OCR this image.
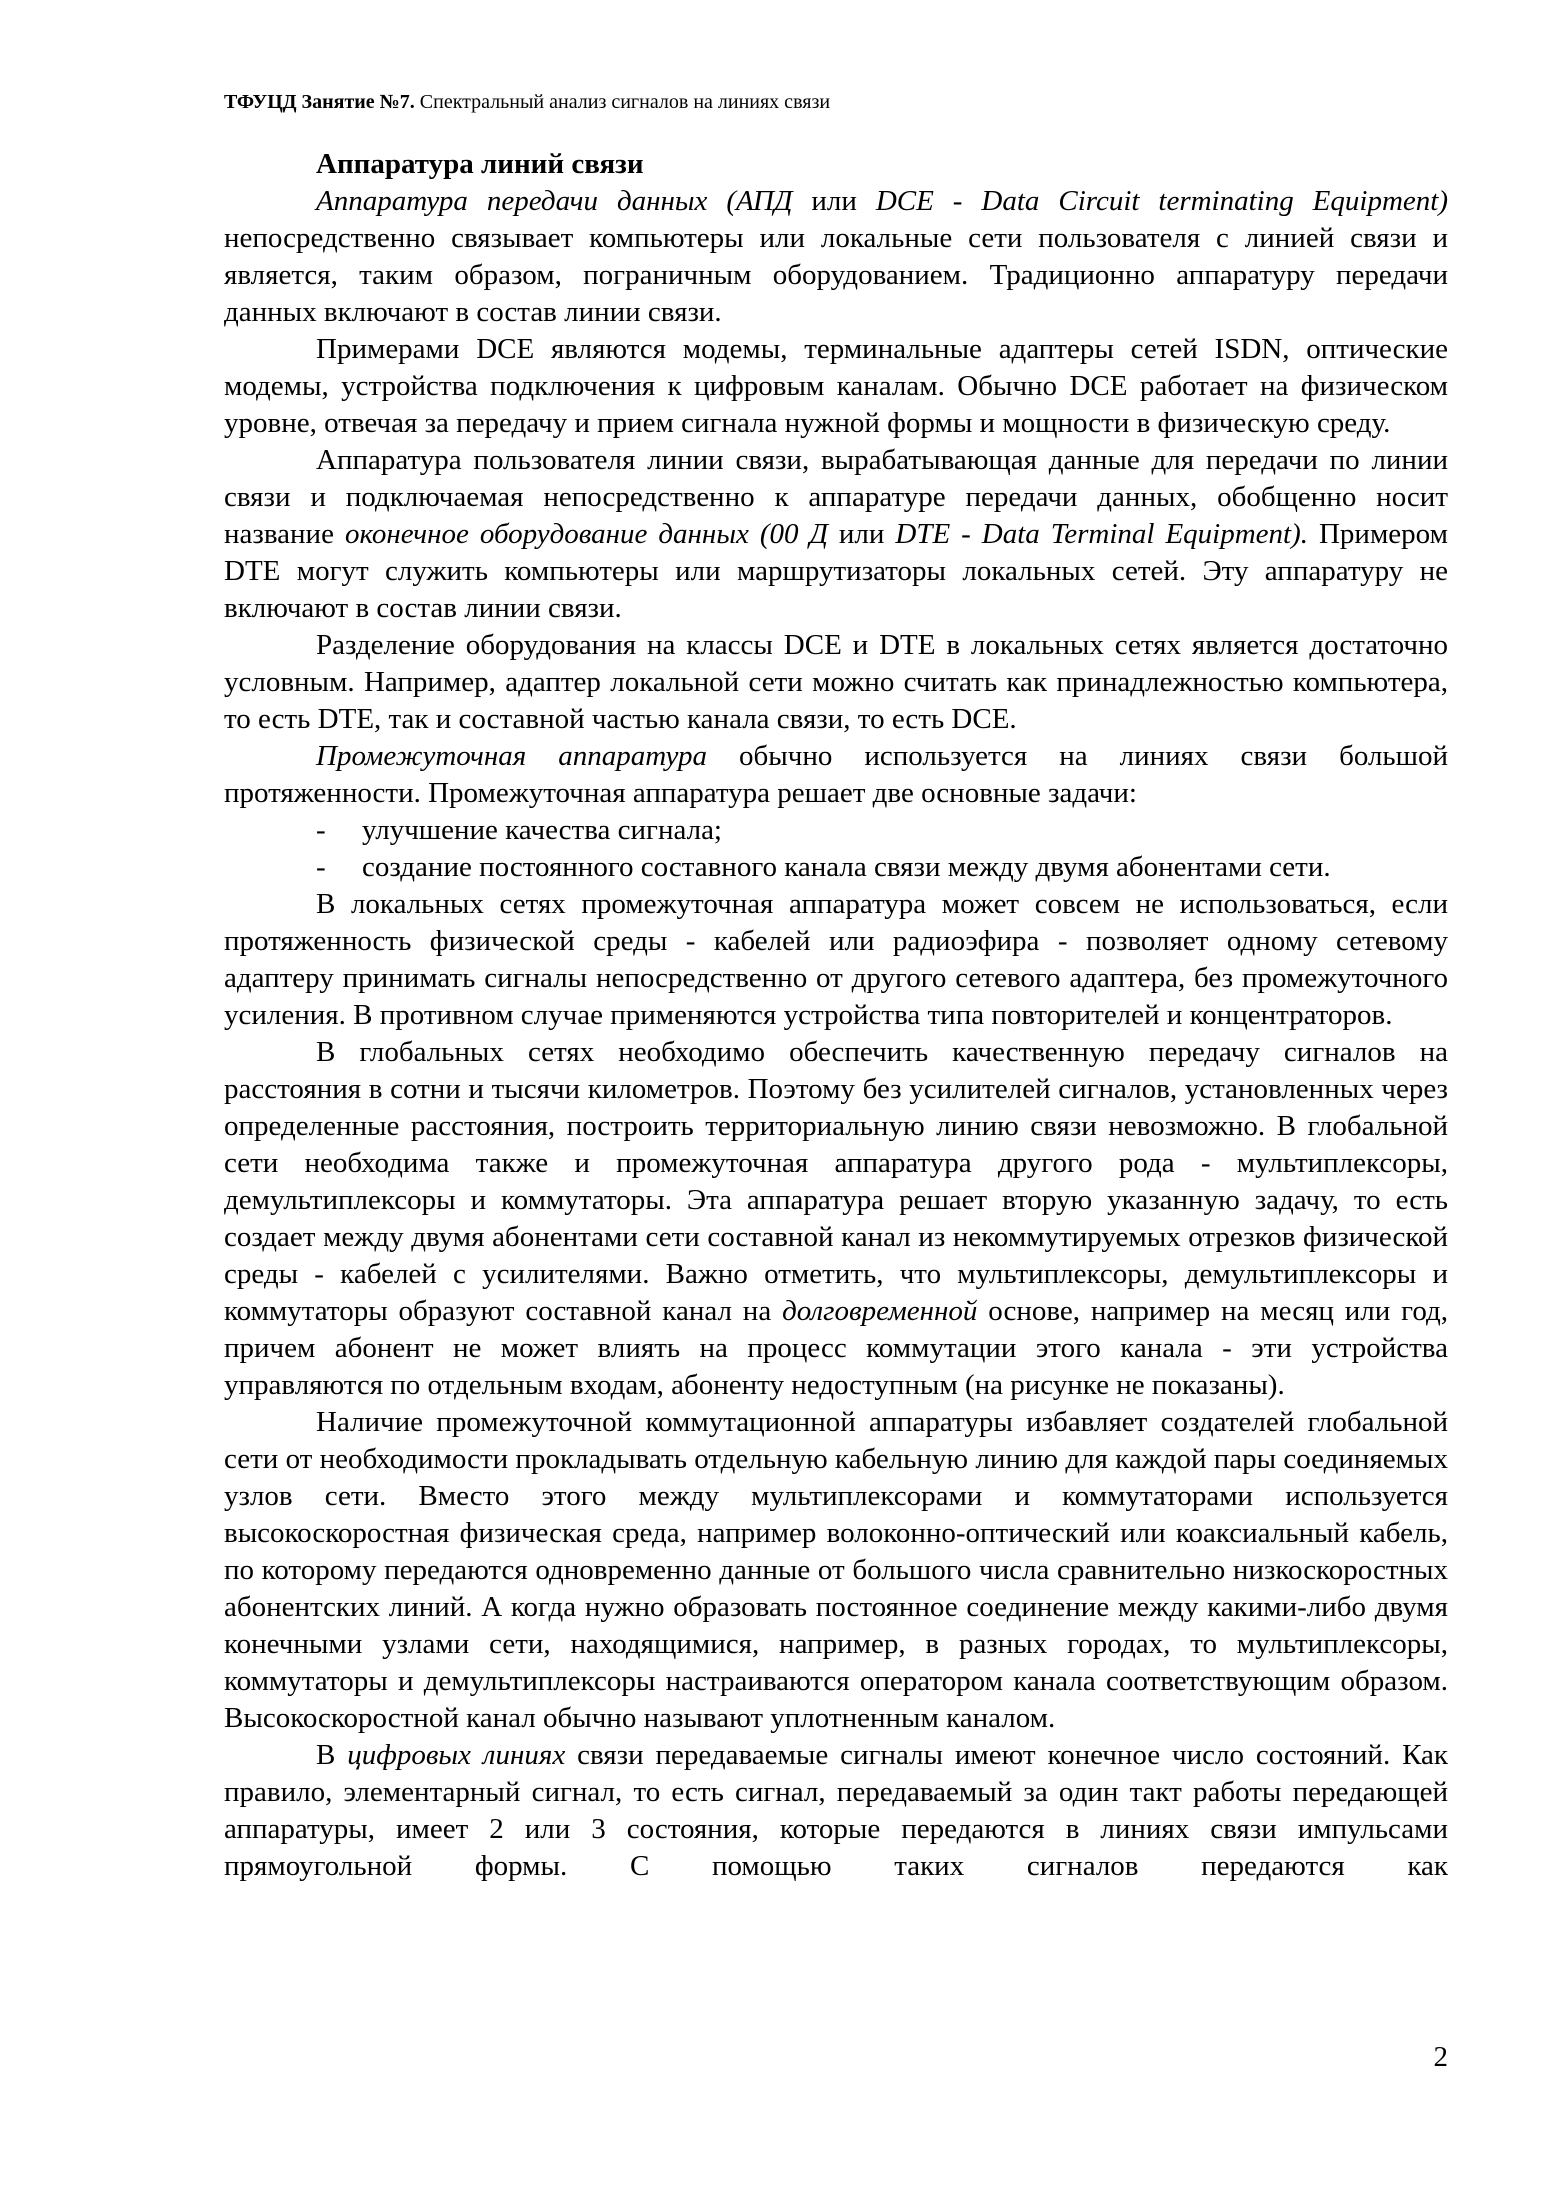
ТФУЦД Занятие №7. Спектральный анализ сигналов на линиях связи
Аппаратура линий связи

Аппаратура передачи данных (АПД или DCE - Data Circuit terminating Equipment) непосредственно связывает компьютеры или локальные сети пользователя с линией связи и является, таким образом, пограничным оборудованием. Традиционно аппаратуру передачи данных включают в состав линии связи.

Примерами DCE являются модемы, терминальные адаптеры сетей ISDN, оптические модемы, устройства подключения к цифровым каналам. Обычно DCE работает на физическом уровне, отвечая за передачу и прием сигнала нужной формы и мощности в физическую среду.

Аппаратура пользователя линии связи, вырабатывающая данные для передачи по линии связи и подключаемая непосредственно к аппаратуре передачи данных, обобщенно носит название оконечное оборудование данных (00 Д или DTE - Data Terminal Equipment). Примером DTE могут служить компьютеры или маршрутизаторы локальных сетей. Эту аппаратуру не включают в состав линии связи.

Разделение оборудования на классы DCE и DTE в локальных сетях является достаточно условным. Например, адаптер локальной сети можно считать как принадлежностью компьютера, то есть DTE, так и составной частью канала связи, то есть DCE.

Промежуточная аппаратура обычно используется на линиях связи большой протяженности. Промежуточная аппаратура решает две основные задачи:

- улучшение качества сигнала;
- создание постоянного составного канала связи между двумя абонентами сети.

В локальных сетях промежуточная аппаратура может совсем не использоваться, если протяженность физической среды - кабелей или радиоэфира - позволяет одному сетевому адаптеру принимать сигналы непосредственно от другого сетевого адаптера, без промежуточного усиления. В противном случае применяются устройства типа повторителей и концентраторов.

В глобальных сетях необходимо обеспечить качественную передачу сигналов на расстояния в сотни и тысячи километров. Поэтому без усилителей сигналов, установленных через определенные расстояния, построить территориальную линию связи невозможно. В глобальной сети необходима также и промежуточная аппаратура другого рода - мультиплексоры, демультиплексоры и коммутаторы. Эта аппаратура решает вторую указанную задачу, то есть создает между двумя абонентами сети составной канал из некоммутируемых отрезков физической среды - кабелей с усилителями. Важно отметить, что мультиплексоры, демультиплексоры и коммутаторы образуют составной канал на долговременной основе, например на месяц или год, причем абонент не может влиять на процесс коммутации этого канала - эти устройства управляются по отдельным входам, абоненту недоступным (на рисунке не показаны).

Наличие промежуточной коммутационной аппаратуры избавляет создателей глобальной сети от необходимости прокладывать отдельную кабельную линию для каждой пары соединяемых узлов сети. Вместо этого между мультиплексорами и коммутаторами используется высокоскоростная физическая среда, например волоконно-оптический или коаксиальный кабель, по которому передаются одновременно данные от большого числа сравнительно низкоскоростных абонентских линий. А когда нужно образовать постоянное соединение между какими-либо двумя конечными узлами сети, находящимися, например, в разных городах, то мультиплексоры, коммутаторы и демультиплексоры настраиваются оператором канала соответствующим образом. Высокоскоростной канал обычно называют уплотненным каналом.

В цифровых линиях связи передаваемые сигналы имеют конечное число состояний. Как правило, элементарный сигнал, то есть сигнал, передаваемый за один такт работы передающей аппаратуры, имеет 2 или 3 состояния, которые передаются в линиях связи импульсами прямоугольной формы. С помощью таких сигналов передаются как

2
